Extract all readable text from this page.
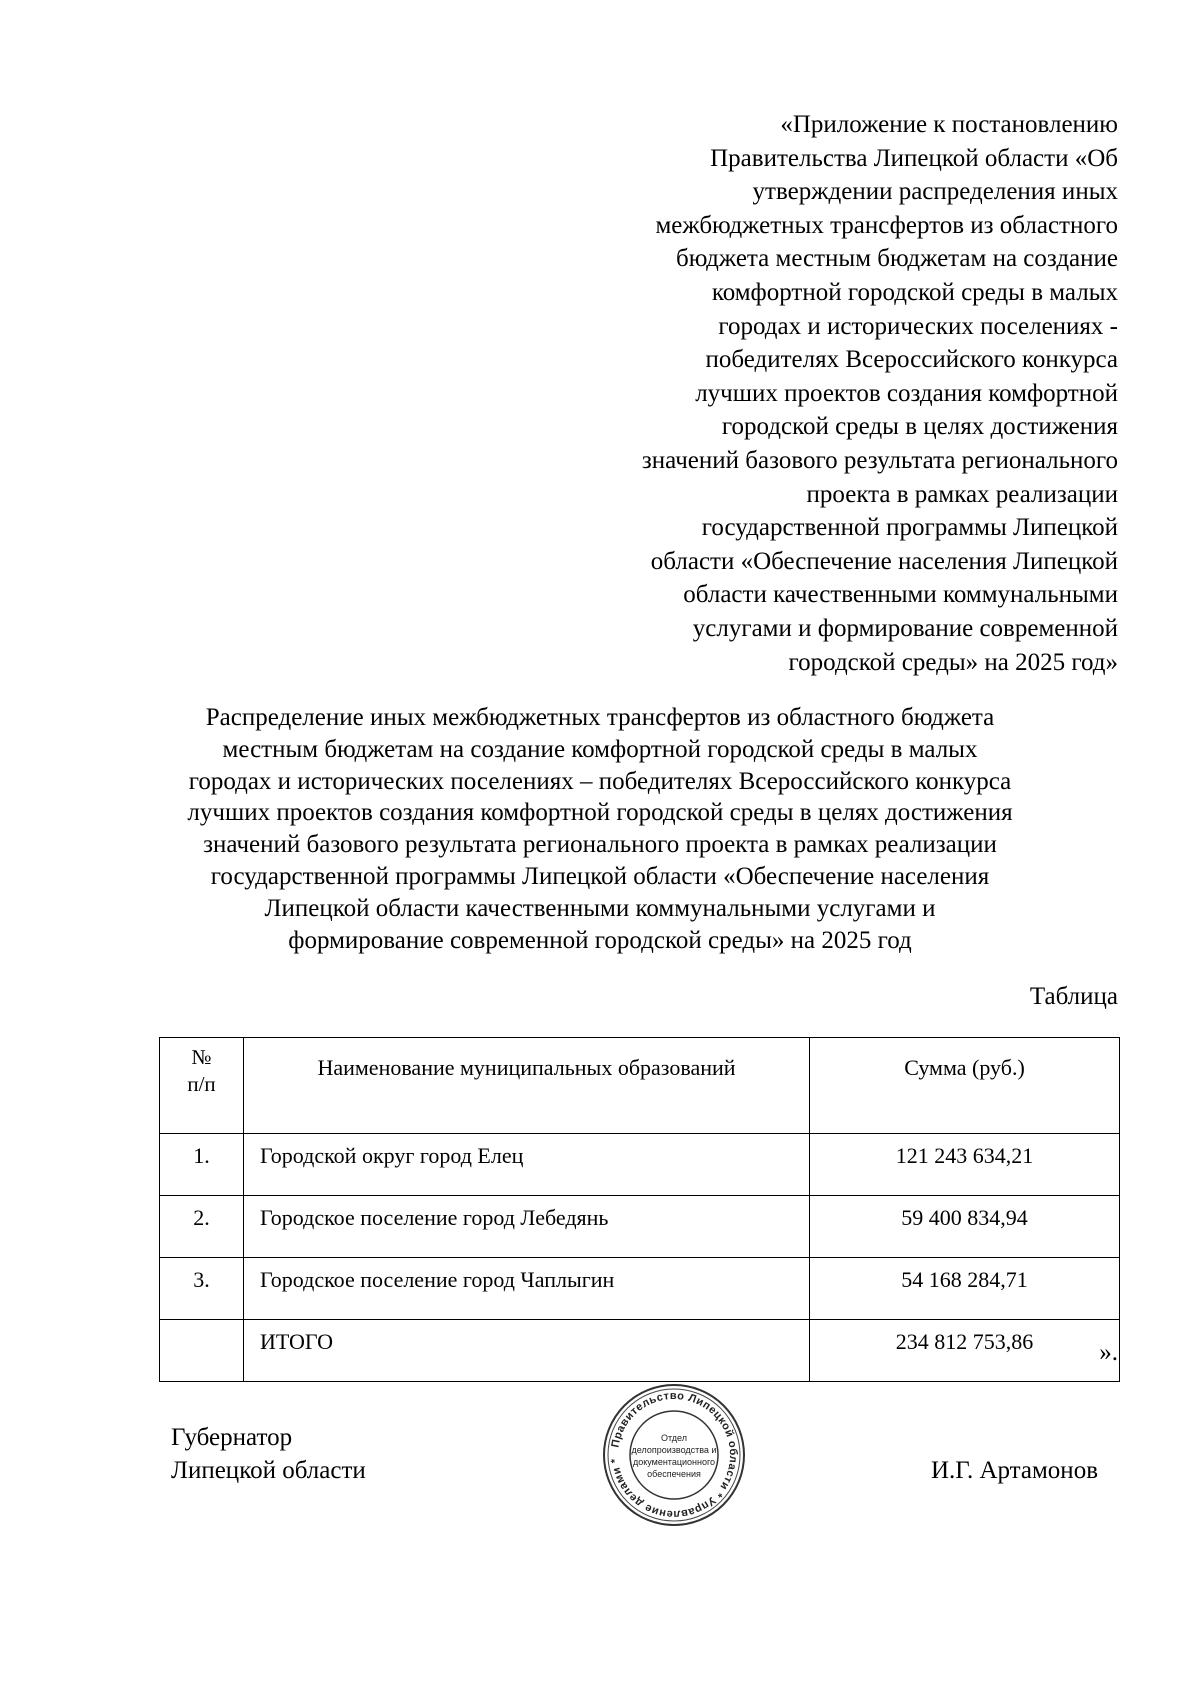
«Приложение к постановлению
Правительства Липецкой области «Об
утверждении распределения иных
межбюджетных трансфертов из областного
бюджета местным бюджетам на создание
комфортной городской среды в малых
городах и исторических поселениях -
победителях Всероссийского конкурса
лучших проектов создания комфортной
городской среды в целях достижения
значений базового результата регионального
проекта в рамках реализации
государственной программы Липецкой
области «Обеспечение населения Липецкой
области качественными коммунальными
услугами и формирование современной
городской среды» на 2025 год»
Распределение иных межбюджетных трансфертов из областного бюджета
местным бюджетам на создание комфортной городской среды в малых
городах и исторических поселениях – победителях Всероссийского конкурса
лучших проектов создания комфортной городской среды в целях достижения
значений базового результата регионального проекта в рамках реализации
государственной программы Липецкой области «Обеспечение населения
Липецкой области качественными коммунальными услугами и
формирование современной городской среды» на 2025 год
Таблица
№
п/п	Наименование муниципальных образований	Сумма (руб.)
1.	Городской округ город Елец	121 243 634,21
2.	Городское поселение город Лебедянь	59 400 834,94
3.	Городское поселение город Чаплыгин	54 168 284,71
	ИТОГО	234 812 753,86	».
Губернатор
Липецкой области
Правительство Липецкой области * Управление делами *
Отдел
делопроизводства и
документационного
обеспечения	И.Г. Артамонов
